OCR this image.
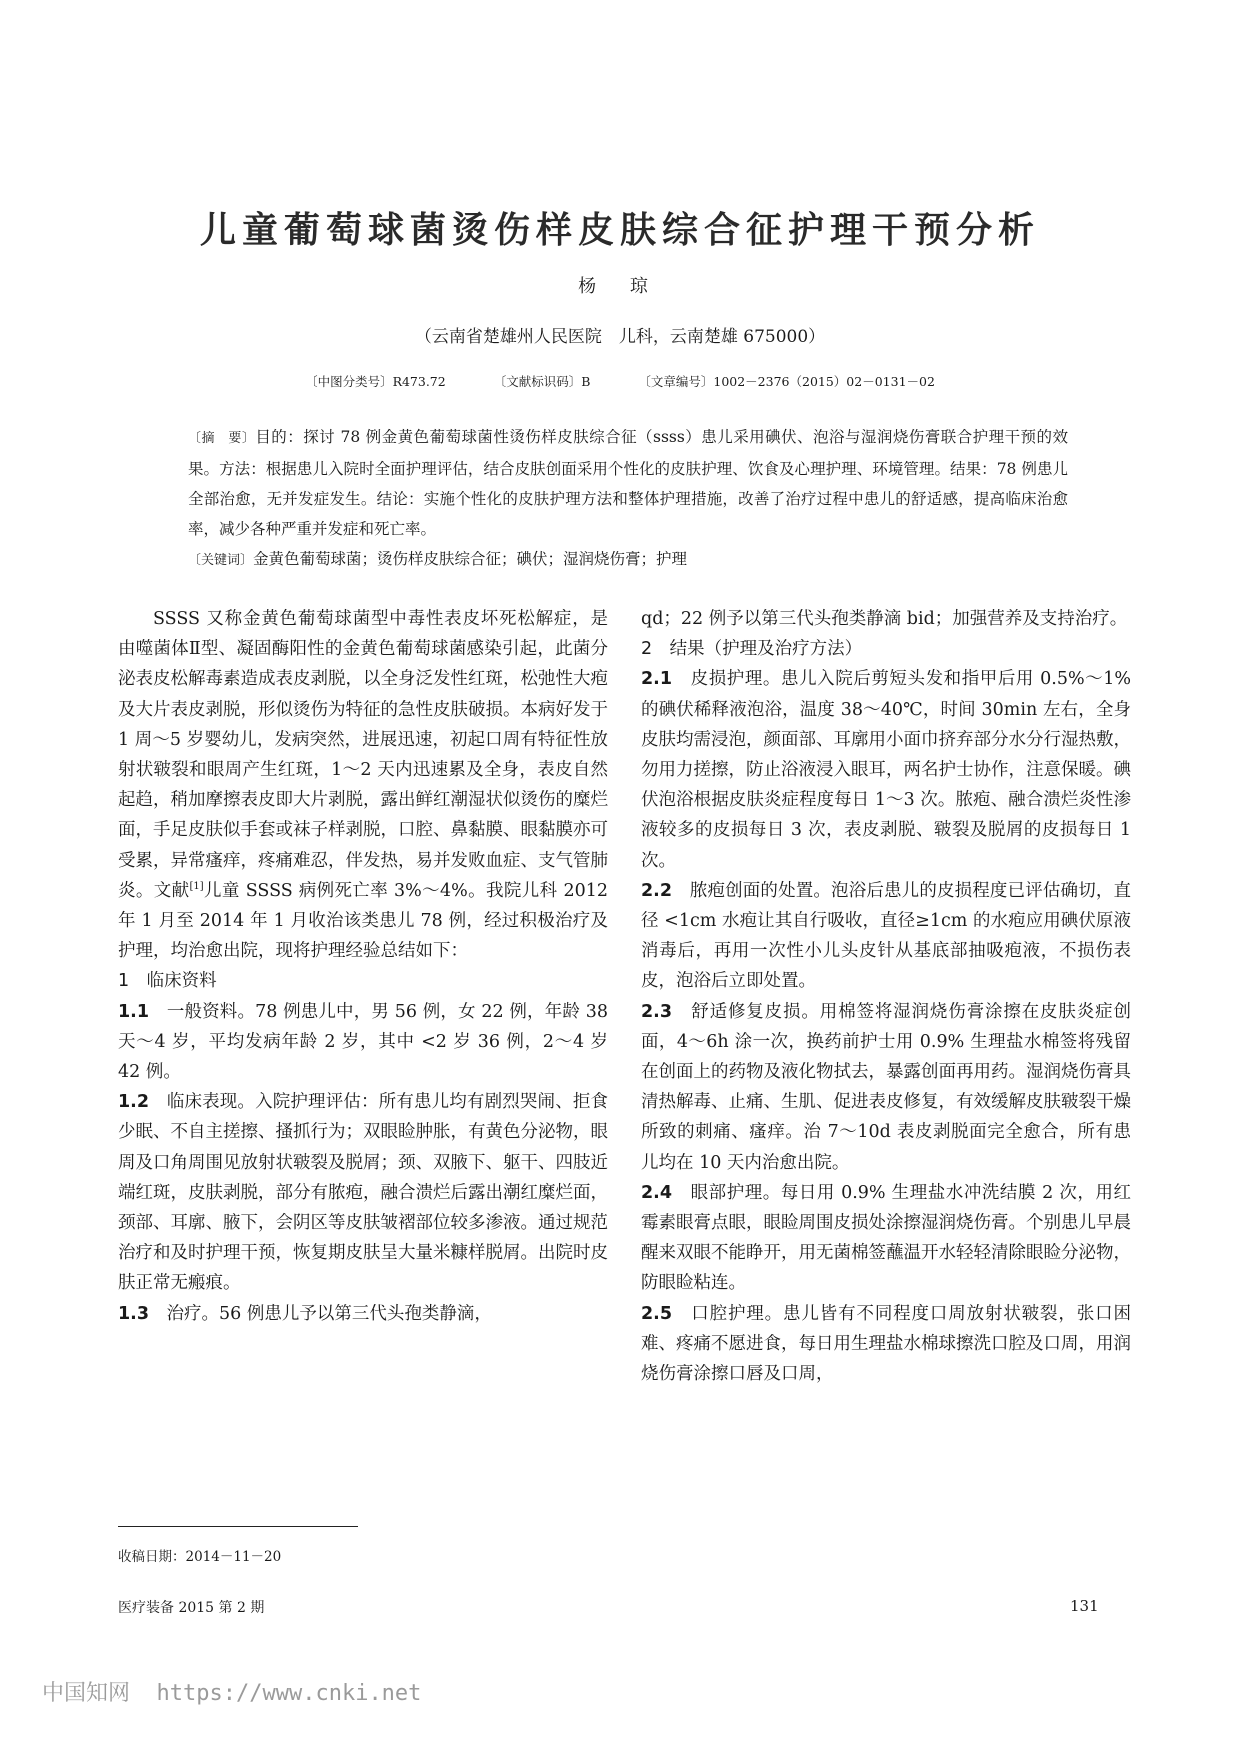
儿童葡萄球菌烫伤样皮肤综合征护理干预分析
杨 琼
（云南省楚雄州人民医院　儿科，云南楚雄 675000）
〔中图分类号〕R473.72	〔文献标识码〕B	〔文章编号〕1002－2376（2015）02－0131－02

〔摘　要〕目的：探讨 78 例金黄色葡萄球菌性烫伤样皮肤综合征（ssss）患儿采用碘伏、泡浴与湿润烧伤膏联合护理干预的效果。方法：根据患儿入院时全面护理评估，结合皮肤创面采用个性化的皮肤护理、饮食及心理护理、环境管理。结果：78 例患儿全部治愈，无并发症发生。结论：实施个性化的皮肤护理方法和整体护理措施，改善了治疗过程中患儿的舒适感，提高临床治愈率，减少各种严重并发症和死亡率。

〔关键词〕金黄色葡萄球菌；烫伤样皮肤综合征；碘伏；湿润烧伤膏；护理

SSSS 又称金黄色葡萄球菌型中毒性表皮坏死松解症，是由噬菌体Ⅱ型、凝固酶阳性的金黄色葡萄球菌感染引起，此菌分泌表皮松解毒素造成表皮剥脱，以全身泛发性红斑，松弛性大疱及大片表皮剥脱，形似烫伤为特征的急性皮肤破损。本病好发于 1 周～5 岁婴幼儿，发病突然，进展迅速，初起口周有特征性放射状皲裂和眼周产生红斑，1～2 天内迅速累及全身，表皮自然起趋，稍加摩擦表皮即大片剥脱，露出鲜红潮湿状似烫伤的糜烂面，手足皮肤似手套或袜子样剥脱，口腔、鼻黏膜、眼黏膜亦可受累，异常瘙痒，疼痛难忍，伴发热，易并发败血症、支气管肺炎。文献[1]儿童 SSSS 病例死亡率 3%～4%。我院儿科 2012 年 1 月至 2014 年 1 月收治该类患儿 78 例，经过积极治疗及护理，均治愈出院，现将护理经验总结如下：

1　临床资料

1.1　一般资料。78 例患儿中，男 56 例，女 22 例，年龄 38 天～4 岁，平均发病年龄 2 岁，其中 <2 岁 36 例，2～4 岁 42 例。

1.2　临床表现。入院护理评估：所有患儿均有剧烈哭闹、拒食少眠、不自主搓擦、搔抓行为；双眼睑肿胀，有黄色分泌物，眼周及口角周围见放射状皲裂及脱屑；颈、双腋下、躯干、四肢近端红斑，皮肤剥脱，部分有脓疱，融合溃烂后露出潮红糜烂面，颈部、耳廓、腋下，会阴区等皮肤皱褶部位较多渗液。通过规范治疗和及时护理干预，恢复期皮肤呈大量米糠样脱屑。出院时皮肤正常无瘢痕。

1.3　治疗。56 例患儿予以第三代头孢类静滴，

qd；22 例予以第三代头孢类静滴 bid；加强营养及支持治疗。

2　结果（护理及治疗方法）

2.1　皮损护理。患儿入院后剪短头发和指甲后用 0.5%～1% 的碘伏稀释液泡浴，温度 38～40℃，时间 30min 左右，全身皮肤均需浸泡，颜面部、耳廓用小面巾挤弃部分水分行湿热敷，勿用力搓擦，防止浴液浸入眼耳，两名护士协作，注意保暖。碘伏泡浴根据皮肤炎症程度每日 1～3 次。脓疱、融合溃烂炎性渗液较多的皮损每日 3 次，表皮剥脱、皲裂及脱屑的皮损每日 1 次。

2.2　脓疱创面的处置。泡浴后患儿的皮损程度已评估确切，直径 <1cm 水疱让其自行吸收，直径≥1cm 的水疱应用碘伏原液消毒后，再用一次性小儿头皮针从基底部抽吸疱液，不损伤表皮，泡浴后立即处置。

2.3　舒适修复皮损。用棉签将湿润烧伤膏涂擦在皮肤炎症创面，4～6h 涂一次，换药前护士用 0.9% 生理盐水棉签将残留在创面上的药物及液化物拭去，暴露创面再用药。湿润烧伤膏具清热解毒、止痛、生肌、促进表皮修复，有效缓解皮肤皲裂干燥所致的刺痛、瘙痒。治 7～10d 表皮剥脱面完全愈合，所有患儿均在 10 天内治愈出院。

2.4　眼部护理。每日用 0.9% 生理盐水冲洗结膜 2 次，用红霉素眼膏点眼，眼睑周围皮损处涂擦湿润烧伤膏。个别患儿早晨醒来双眼不能睁开，用无菌棉签蘸温开水轻轻清除眼睑分泌物，防眼睑粘连。

2.5　口腔护理。患儿皆有不同程度口周放射状皲裂，张口困难、疼痛不愿进食，每日用生理盐水棉球擦洗口腔及口周，用润烧伤膏涂擦口唇及口周，

收稿日期：2014－11－20
医疗装备 2015 第 2 期	131
中国知网 https://www.cnki.net
